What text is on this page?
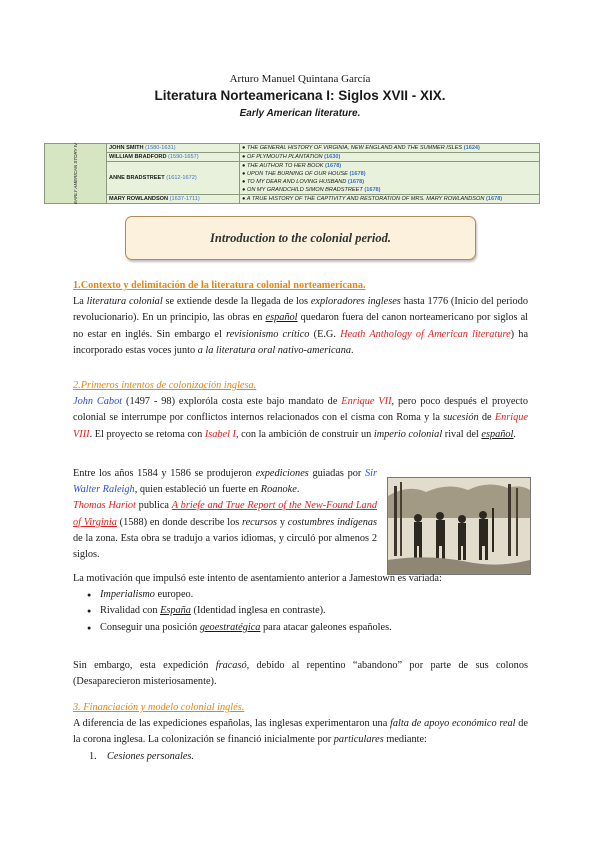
Arturo Manuel Quintana García
Literatura Norteamericana I: Siglos XVII - XIX.
Early American literature.
EARLY AMERICAN STORY IV	JOHN SMITH (1580-1631)	● THE GENERAL HISTORY OF VIRGINIA, NEW ENGLAND AND THE SUMMER ISLES (1624)

	WILLIAM BRADFORD (1590-1657)	● OF PLYMOUTH PLANTATION (1630)

	ANNE BRADSTREET (1612-1672)	● THE AUTHOR TO HER BOOK (1678)
● UPON THE BURNING OF OUR HOUSE (1678)
● TO MY DEAR AND LOVING HUSBAND (1678)
● ON MY GRANDCHILD SIMON BRADSTREET (1678)

	MARY ROWLANDSON (1637-1711)	● A TRUE HISTORY OF THE CAPTIVITY AND RESTORATION OF MRS. MARY ROWLANDSON (1678)
Introduction to the colonial period.
1.Contexto y delimitación de la literatura colonial norteamericana.
La literatura colonial se extiende desde la llegada de los exploradores ingleses hasta 1776 (Inicio del periodo revolucionario). En un principio, las obras en español quedaron fuera del canon norteamericano por siglos al no estar en inglés. Sin embargo el revisionismo crítico (E.G. Heath Anthology of American literature) ha incorporado estas voces junto a la literatura oral nativo-americana.
2.Primeros intentos de colonización inglesa.
John Cabot (1497 - 98) exploróla costa este bajo mandato de Enrique VII, pero poco después el proyecto colonial se interrumpe por conflictos internos relacionados con el cisma con Roma y la sucesión de Enrique VIII. El proyecto se retoma con Isabel I, con la ambición de construir un imperio colonial rival del español.
Entre los años 1584 y 1586 se produjeron expediciones guiadas por Sir Walter Raleigh, quien estableció un fuerte en Roanoke.
Thomas Hariot publica A briefe and True Report of the New-Found Land of Virginia (1588) en donde describe los recursos y costumbres indígenas de la zona. Esta obra se tradujo a varios idiomas, y circuló por almenos 2 siglos.
La motivación que impulsó este intento de asentamiento anterior a Jamestown es variada:
● Imperialismo europeo.
● Rivalidad con España (Identidad inglesa en contraste).
● Conseguir una posición geoestratégica para atacar galeones españoles.
Sin embargo, esta expedición fracasó, debido al repentino “abandono” por parte de sus colonos (Desaparecieron misteriosamente).
3. Financiación y modelo colonial inglés.
A diferencia de las expediciones españolas, las inglesas experimentaron una falta de apoyo económico real de la corona inglesa. La colonización se financió inicialmente por particulares mediante:
1. Cesiones personales.
